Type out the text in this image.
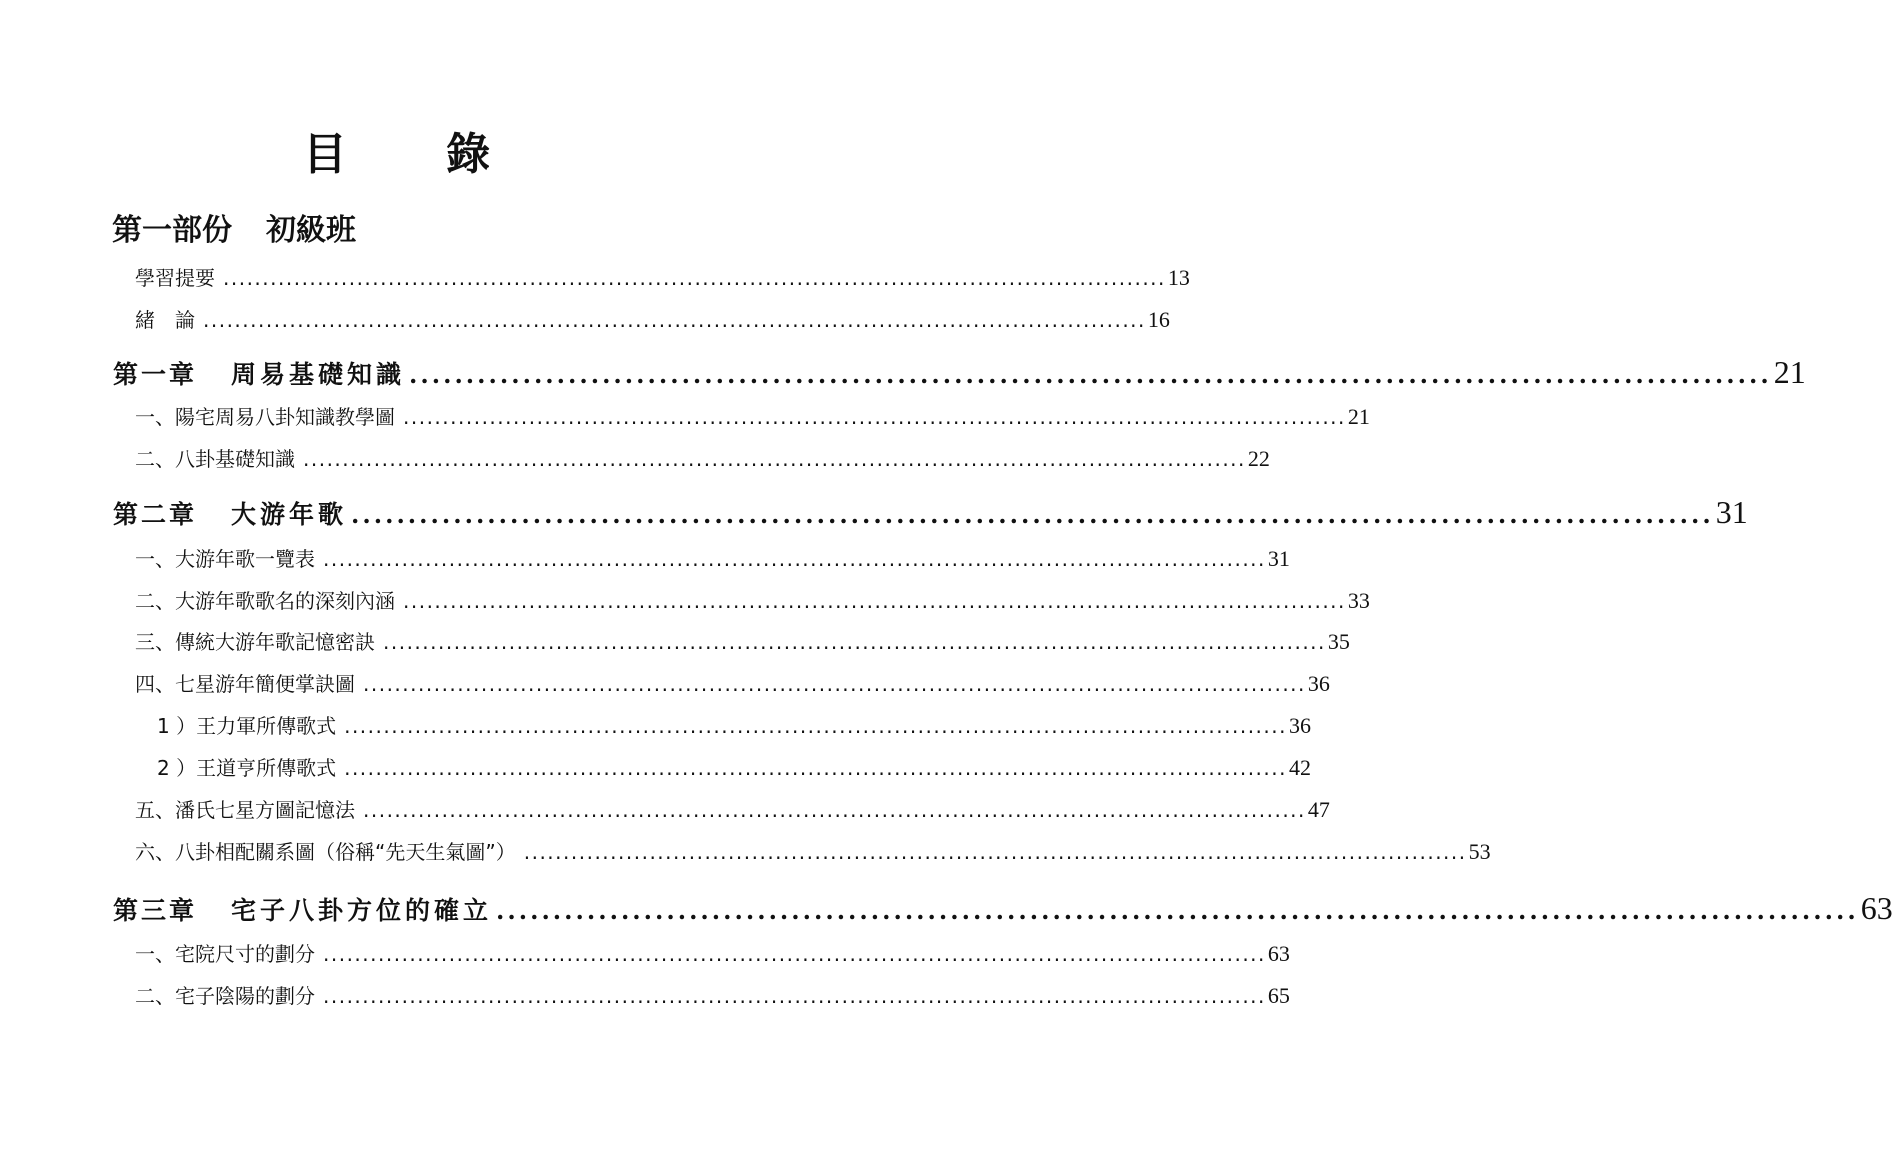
目 錄
第一部份 初級班
學習提要 ........................................................................................................................ 13
緒　論 ........................................................................................................................ 16
第一章 周易基礎知識 ........................................................................................................................ 21
一、陽宅周易八卦知識教學圖 ........................................................................................................................ 21
二、八卦基礎知識 ........................................................................................................................ 22
第二章 大游年歌 ........................................................................................................................ 31
一、大游年歌一覽表 ........................................................................................................................ 31
二、大游年歌歌名的深刻內涵 ........................................................................................................................ 33
三、傳統大游年歌記憶密訣 ........................................................................................................................ 35
四、七星游年簡便掌訣圖 ........................................................................................................................ 36
1 ）王力軍所傳歌式 ........................................................................................................................ 36
2 ）王道亨所傳歌式 ........................................................................................................................ 42
五、潘氏七星方圖記憶法 ........................................................................................................................ 47
六、八卦相配關系圖（俗稱“先天生氣圖”） ........................................................................................................................ 53
第三章 宅子八卦方位的確立 ........................................................................................................................ 63
一、宅院尺寸的劃分 ........................................................................................................................ 63
二、宅子陰陽的劃分 ........................................................................................................................ 65
